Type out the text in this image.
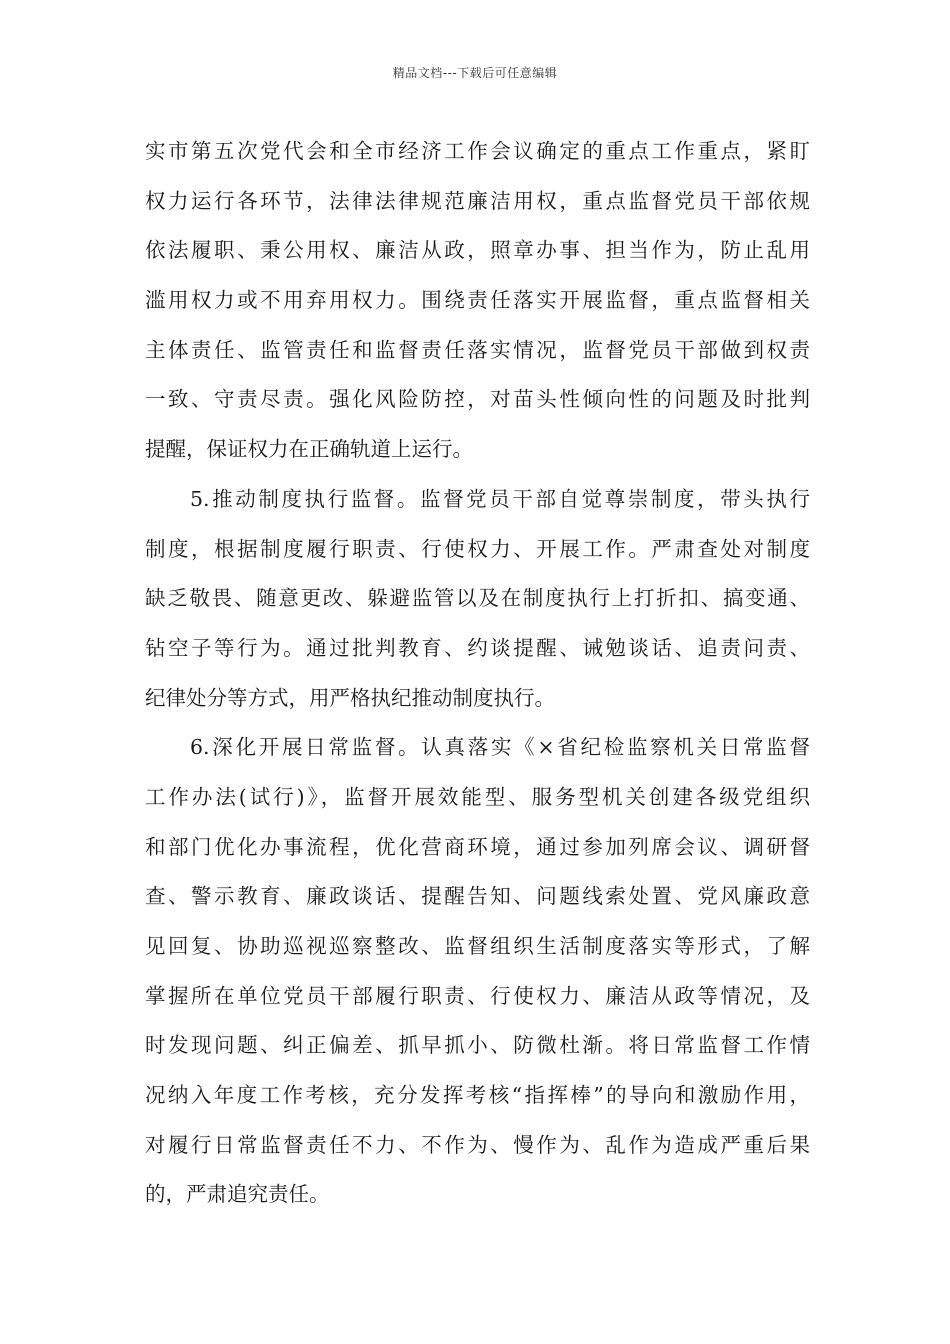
精品文档---下载后可任意编辑
实市第五次党代会和全市经济工作会议确定的重点工作重点，紧盯
权力运行各环节，法律法律规范廉洁用权，重点监督党员干部依规
依法履职、秉公用权、廉洁从政，照章办事、担当作为，防止乱用
滥用权力或不用弃用权力。围绕责任落实开展监督，重点监督相关
主体责任、监管责任和监督责任落实情况，监督党员干部做到权责
一致、守责尽责。强化风险防控，对苗头性倾向性的问题及时批判
提醒，保证权力在正确轨道上运行。
5.推动制度执行监督。监督党员干部自觉尊崇制度，带头执行
制度，根据制度履行职责、行使权力、开展工作。严肃查处对制度
缺乏敬畏、随意更改、躲避监管以及在制度执行上打折扣、搞变通、
钻空子等行为。通过批判教育、约谈提醒、诫勉谈话、追责问责、
纪律处分等方式，用严格执纪推动制度执行。
6.深化开展日常监督。认真落实《×省纪检监察机关日常监督
工作办法(试行)》，监督开展效能型、服务型机关创建各级党组织
和部门优化办事流程，优化营商环境，通过参加列席会议、调研督
查、警示教育、廉政谈话、提醒告知、问题线索处置、党风廉政意
见回复、协助巡视巡察整改、监督组织生活制度落实等形式，了解
掌握所在单位党员干部履行职责、行使权力、廉洁从政等情况，及
时发现问题、纠正偏差、抓早抓小、防微杜渐。将日常监督工作情
况纳入年度工作考核，充分发挥考核“指挥棒”的导向和激励作用，
对履行日常监督责任不力、不作为、慢作为、乱作为造成严重后果
的，严肃追究责任。
